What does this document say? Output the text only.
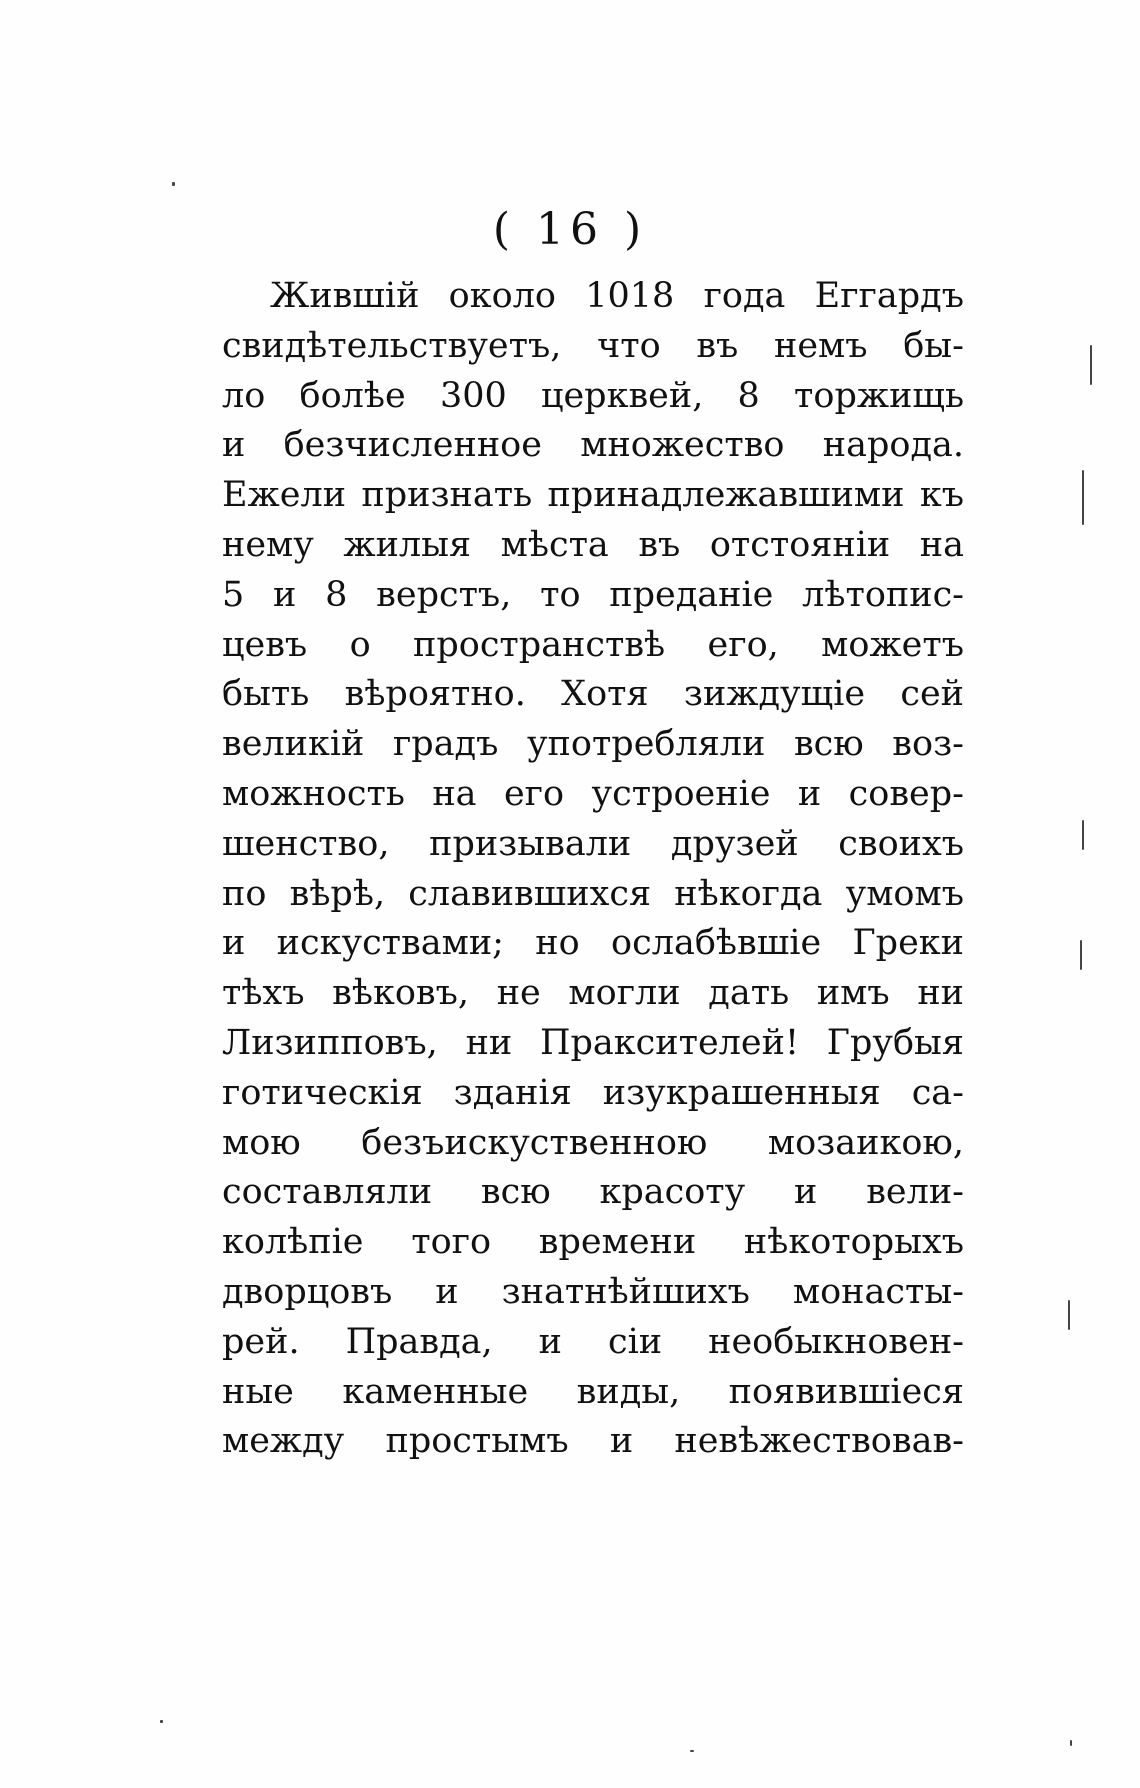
( 16 )
Жившій около 1018 года Еггардъ
свидѣтельствуетъ, что въ немъ бы-
ло болѣе 300 церквей, 8 торжищь
и безчисленное множество народа.
Ежели признать принадлежавшими къ
нему жилыя мѣста въ отстояніи на
5 и 8 верстъ, то преданіе лѣтопис-
цевъ о пространствѣ его, можетъ
быть вѣроятно. Хотя зиждущіе сей
великій градъ употребляли всю воз-
можность на его устроеніе и совер-
шенство, призывали друзей своихъ
по вѣрѣ, славившихся нѣкогда умомъ
и искуствами; но ослабѣвшіе Греки
тѣхъ вѣковъ, не могли дать имъ ни
Лизипповъ, ни Праксителей! Грубыя
готическія зданія изукрашенныя са-
мою безъискуственною мозаикою,
составляли всю красоту и вели-
колѣпіе того времени нѣкоторыхъ
дворцовъ и знатнѣйшихъ монасты-
рей. Правда, и сіи необыкновен-
ные каменные виды, появившіеся
между простымъ и невѣжествовав-
